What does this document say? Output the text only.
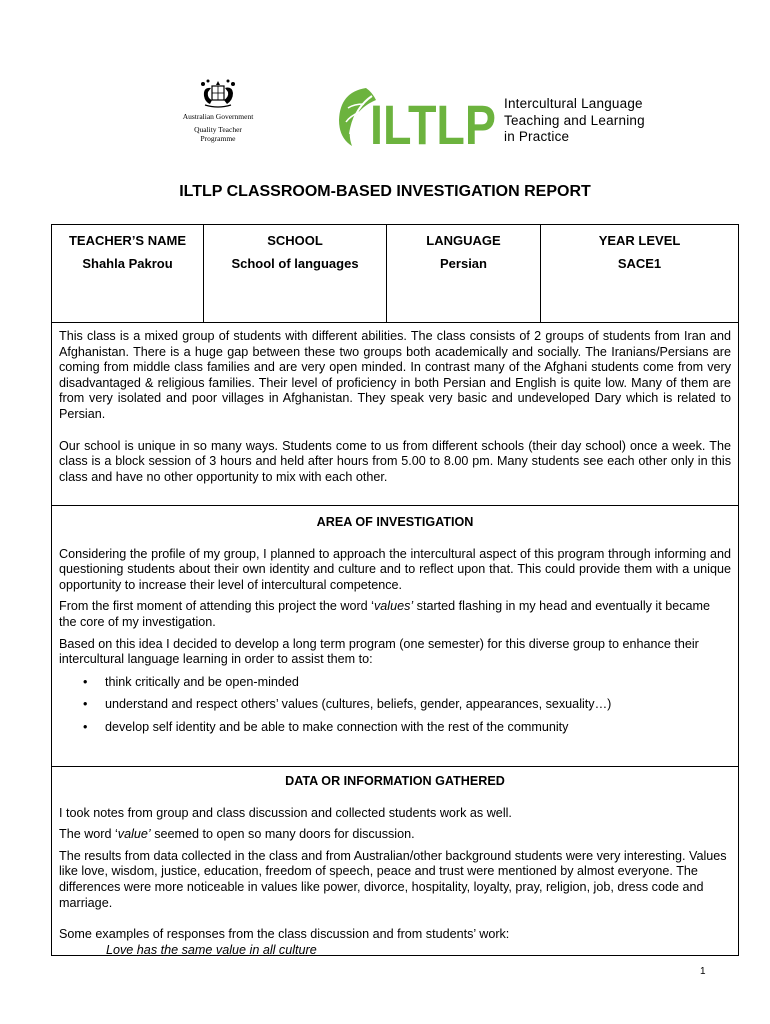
Australian Government
Quality Teacher
Programme	ILTLP Intercultural Language
Teaching and Learning
in Practice
ILTLP CLASSROOM-BASED INVESTIGATION REPORT
TEACHER’S NAME
Shahla Pakrou
SCHOOL
School of languages
LANGUAGE
Persian
YEAR LEVEL
SACE1

This class is a mixed group of students with different abilities. The class consists of 2 groups of students from Iran and Afghanistan. There is a huge gap between these two groups both academically and socially. The Iranians/Persians are coming from middle class families and are very open minded. In contrast many of the Afghani students come from very disadvantaged & religious families. Their level of proficiency in both Persian and English is quite low. Many of them are from very isolated and poor villages in Afghanistan. They speak very basic and undeveloped Dary which is related to Persian.

Our school is unique in so many ways. Students come to us from different schools (their day school) once a week. The class is a block session of 3 hours and held after hours from 5.00 to 8.00 pm. Many students see each other only in this class and have no other opportunity to mix with each other.

AREA OF INVESTIGATION

Considering the profile of my group, I planned to approach the intercultural aspect of this program through informing and questioning students about their own identity and culture and to reflect upon that. This could provide them with a unique opportunity to increase their level of intercultural competence.

From the first moment of attending this project the word ‘values’ started flashing in my head and eventually it became the core of my investigation.

Based on this idea I decided to develop a long term program (one semester) for this diverse group to enhance their intercultural language learning in order to assist them to:

• think critically and be open-minded
• understand and respect others’ values (cultures, beliefs, gender, appearances, sexuality…)
• develop self identity and be able to make connection with the rest of the community
DATA OR INFORMATION GATHERED

I took notes from group and class discussion and collected students work as well.

The word ‘value’ seemed to open so many doors for discussion.

The results from data collected in the class and from Australian/other background students were very interesting. Values like love, wisdom, justice, education, freedom of speech, peace and trust were mentioned by almost everyone. The differences were more noticeable in values like power, divorce, hospitality, loyalty, pray, religion, job, dress code and marriage.

Some examples of responses from the class discussion and from students’ work:

Love has the same value in all culture

1
